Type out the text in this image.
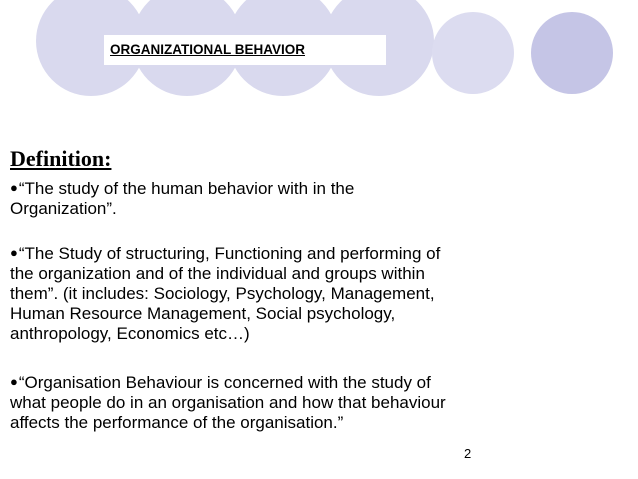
ORGANIZATIONAL BEHAVIOR
Definition:
●“The study of the human behavior with in the
Organization”.
●“The Study of structuring, Functioning and performing of
the organization and of the individual and groups within
them”. (it includes: Sociology, Psychology, Management,
Human Resource Management, Social psychology,
anthropology, Economics etc…)
●“Organisation Behaviour is concerned with the study of
what people do in an organisation and how that behaviour
affects the performance of the organisation.”
2
